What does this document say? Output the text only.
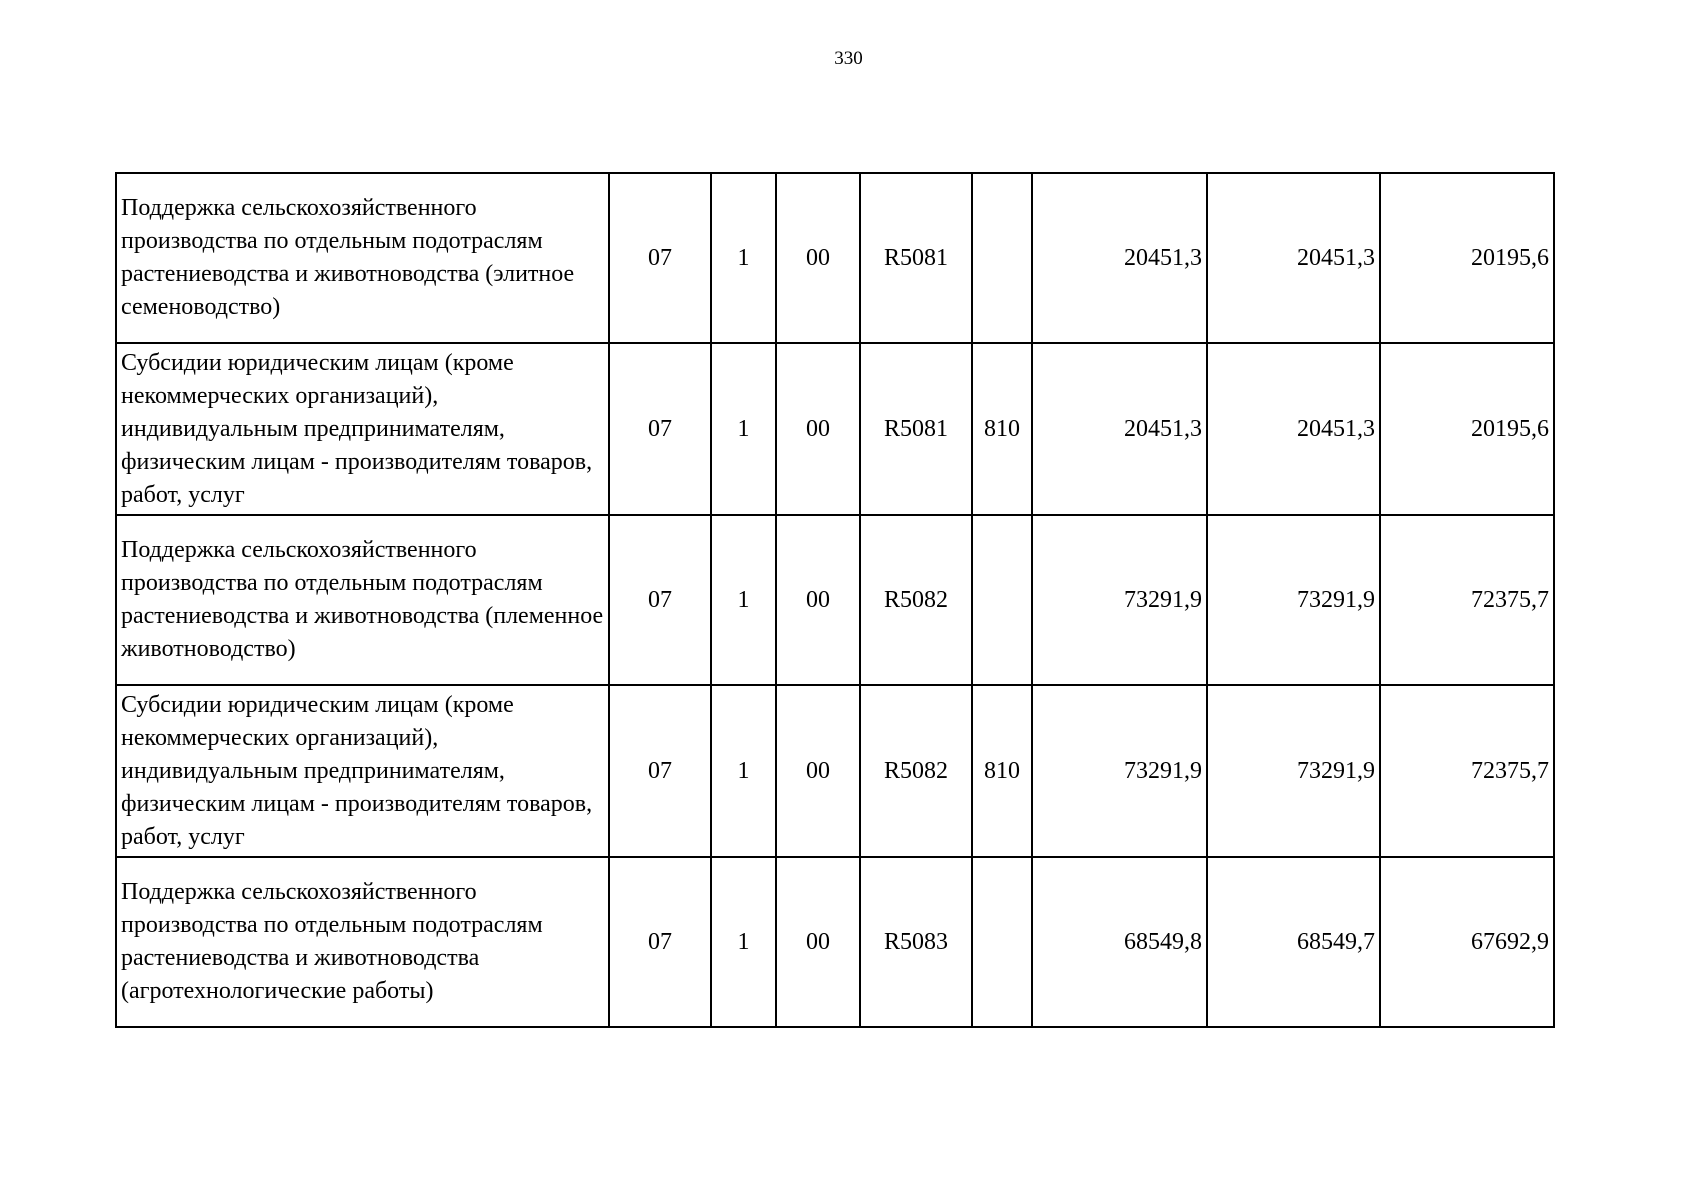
330
Поддержка сельскохозяйственного производства по отдельным подотраслям растениеводства и животноводства (элитное семеноводство)	07	1	00	R5081		20451,3	20451,3	20195,6
Субсидии юридическим лицам (кроме некоммерческих организаций), индивидуальным предпринимателям, физическим лицам - производителям товаров, работ, услуг	07	1	00	R5081	810	20451,3	20451,3	20195,6
Поддержка сельскохозяйственного производства по отдельным подотраслям растениеводства и животноводства (племенное животноводство)	07	1	00	R5082		73291,9	73291,9	72375,7
Субсидии юридическим лицам (кроме некоммерческих организаций), индивидуальным предпринимателям, физическим лицам - производителям товаров, работ, услуг	07	1	00	R5082	810	73291,9	73291,9	72375,7
Поддержка сельскохозяйственного производства по отдельным подотраслям растениеводства и животноводства (агротехнологические работы)	07	1	00	R5083		68549,8	68549,7	67692,9
